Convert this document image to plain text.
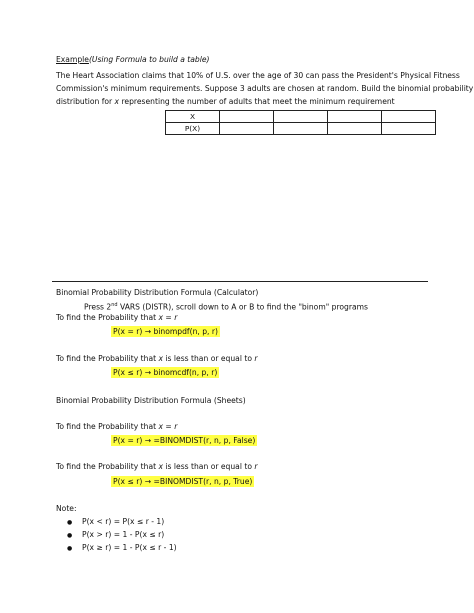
Example(Using Formula to build a table)
The Heart Association claims that 10% of U.S. over the age of 30 can pass the President's Physical Fitness
Commission's minimum requirements. Suppose 3 adults are chosen at random. Build the binomial probability
distribution for x representing the number of adults that meet the minimum requirement
X				
P(X)				
Binomial Probability Distribution Formula (Calculator)
Press 2nd VARS (DISTR), scroll down to A or B to find the "binom" programs
To find the Probability that x = r
P(x = r) → binompdf(n, p, r)
To find the Probability that x is less than or equal to r
P(x ≤ r) → binomcdf(n, p, r)
Binomial Probability Distribution Formula (Sheets)
To find the Probability that x = r
P(x = r) → =BINOMDIST(r, n, p, False)
To find the Probability that x is less than or equal to r
P(x ≤ r) → =BINOMDIST(r, n, p, True)
Note:
● P(x < r) = P(x ≤ r - 1)
● P(x > r) = 1 - P(x ≤ r)
● P(x ≥ r) = 1 - P(x ≤ r - 1)
